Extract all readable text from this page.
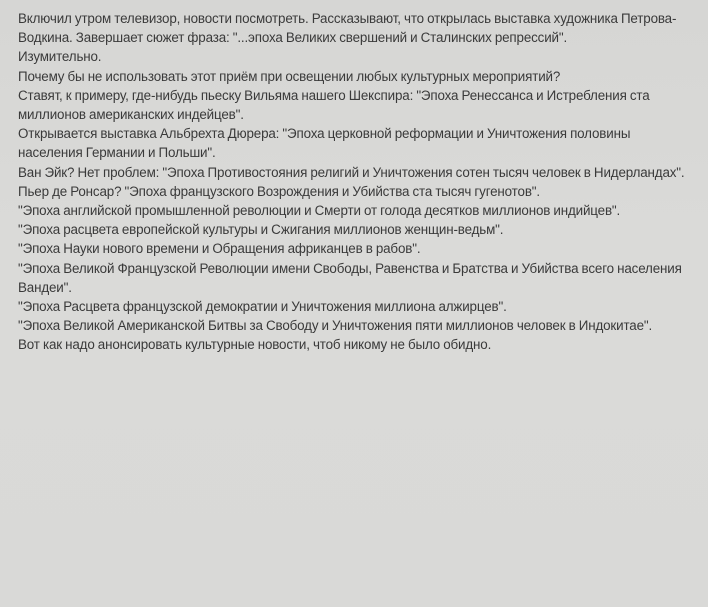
Включил утром телевизор, новости посмотреть. Рассказывают, что открылась выставка художника Петрова-Водкина. Завершает сюжет фраза: "...эпоха Великих свершений и Сталинских репрессий".

Изумительно.

Почему бы не использовать этот приём при освещении любых культурных мероприятий?

Ставят, к примеру, где-нибудь пьеску Вильяма нашего Шекспира: "Эпоха Ренессанса и Истребления ста миллионов американских индейцев".

Открывается выставка Альбрехта Дюрера: "Эпоха церковной реформации и Уничтожения половины населения Германии и Польши".

Ван Эйк? Нет проблем: "Эпоха Противостояния религий и Уничтожения сотен тысяч человек в Нидерландах".

Пьер де Ронсар? "Эпоха французского Возрождения и Убийства ста тысяч гугенотов".

"Эпоха английской промышленной революции и Смерти от голода десятков миллионов индийцев".

"Эпоха расцвета европейской культуры и Сжигания миллионов женщин-ведьм".

"Эпоха Науки нового времени и Обращения африканцев в рабов".

"Эпоха Великой Французской Революции имени Свободы, Равенства и Братства и Убийства всего населения Вандеи".

"Эпоха Расцвета французской демократии и Уничтожения миллиона алжирцев".

"Эпоха Великой Американской Битвы за Свободу и Уничтожения пяти миллионов человек в Индокитае".

Вот как надо анонсировать культурные новости, чтоб никому не было обидно.
